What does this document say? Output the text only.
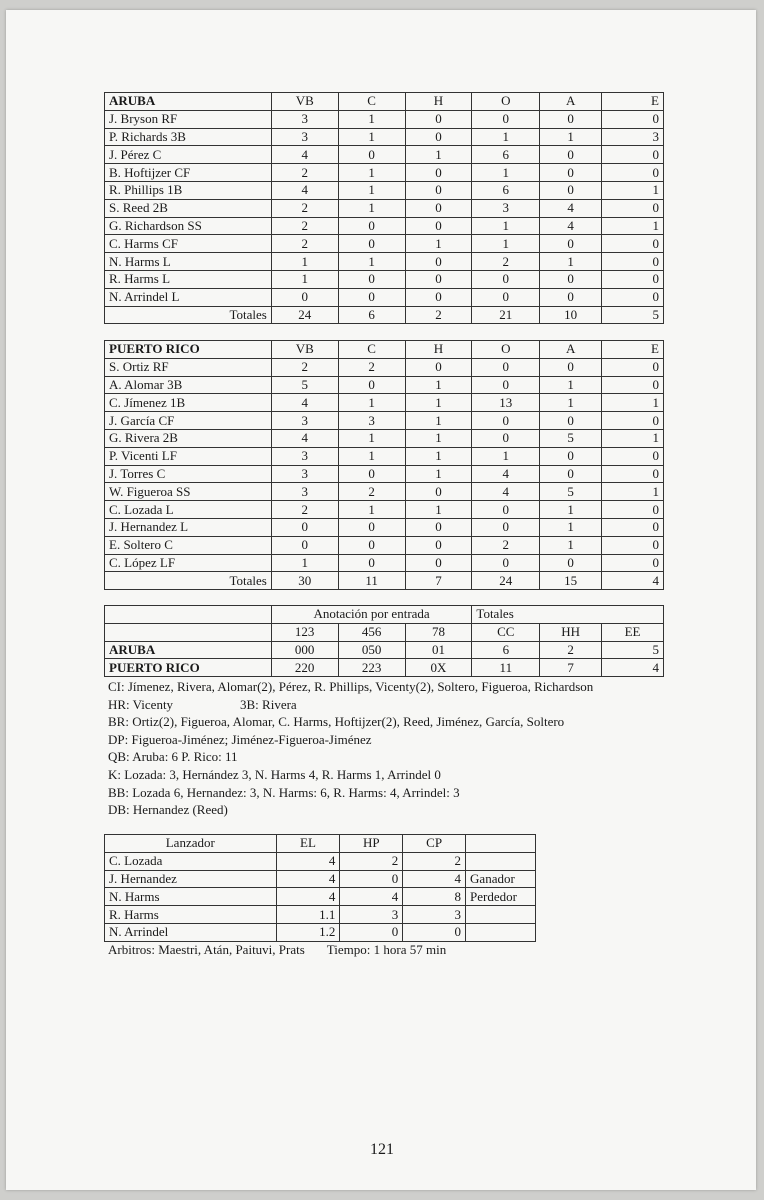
ARUBA	VB	C	H	O	A	E
J. Bryson RF	3	1	0	0	0	0
P. Richards 3B	3	1	0	1	1	3
J. Pérez C	4	0	1	6	0	0
B. Hoftijzer CF	2	1	0	1	0	0
R. Phillips 1B	4	1	0	6	0	1
S. Reed 2B	2	1	0	3	4	0
G. Richardson SS	2	0	0	1	4	1
C. Harms CF	2	0	1	1	0	0
N. Harms L	1	1	0	2	1	0
R. Harms L	1	0	0	0	0	0
N. Arrindel L	0	0	0	0	0	0
Totales	24	6	2	21	10	5
PUERTO RICO	VB	C	H	O	A	E
S. Ortiz RF	2	2	0	0	0	0
A. Alomar 3B	5	0	1	0	1	0
C. Jímenez 1B	4	1	1	13	1	1
J. García CF	3	3	1	0	0	0
G. Rivera 2B	4	1	1	0	5	1
P. Vicenti LF	3	1	1	1	0	0
J. Torres C	3	0	1	4	0	0
W. Figueroa SS	3	2	0	4	5	1
C. Lozada L	2	1	1	0	1	0
J. Hernandez L	0	0	0	0	1	0
E. Soltero C	0	0	0	2	1	0
C. López LF	1	0	0	0	0	0
Totales	30	11	7	24	15	4
	Anotación por entrada			Totales		
	123	456	78	CC	HH	EE
ARUBA	000	050	01	6	2	5
PUERTO RICO	220	223	0X	11	7	4
CI: Jímenez, Rivera, Alomar(2), Pérez, R. Phillips, Vicenty(2), Soltero, Figueroa, Richardson
HR: Vicenty	3B: Rivera
BR: Ortiz(2), Figueroa, Alomar, C. Harms, Hoftijzer(2), Reed, Jiménez, García, Soltero
DP: Figueroa-Jiménez; Jiménez-Figueroa-Jiménez
QB: Aruba: 6 P. Rico: 11
K: Lozada: 3, Hernández 3, N. Harms 4, R. Harms 1, Arrindel 0
BB: Lozada 6, Hernandez: 3, N. Harms: 6, R. Harms: 4, Arrindel: 3
DB: Hernandez (Reed)
Lanzador	EL	HP	CP	
C. Lozada	4	2	2	
J. Hernandez	4	0	4	Ganador
N. Harms	4	4	8	Perdedor
R. Harms	1.1	3	3	
N. Arrindel	1.2	0	0	
Arbitros: Maestri, Atán, Paituvi, Prats Tiempo: 1 hora 57 min
121
